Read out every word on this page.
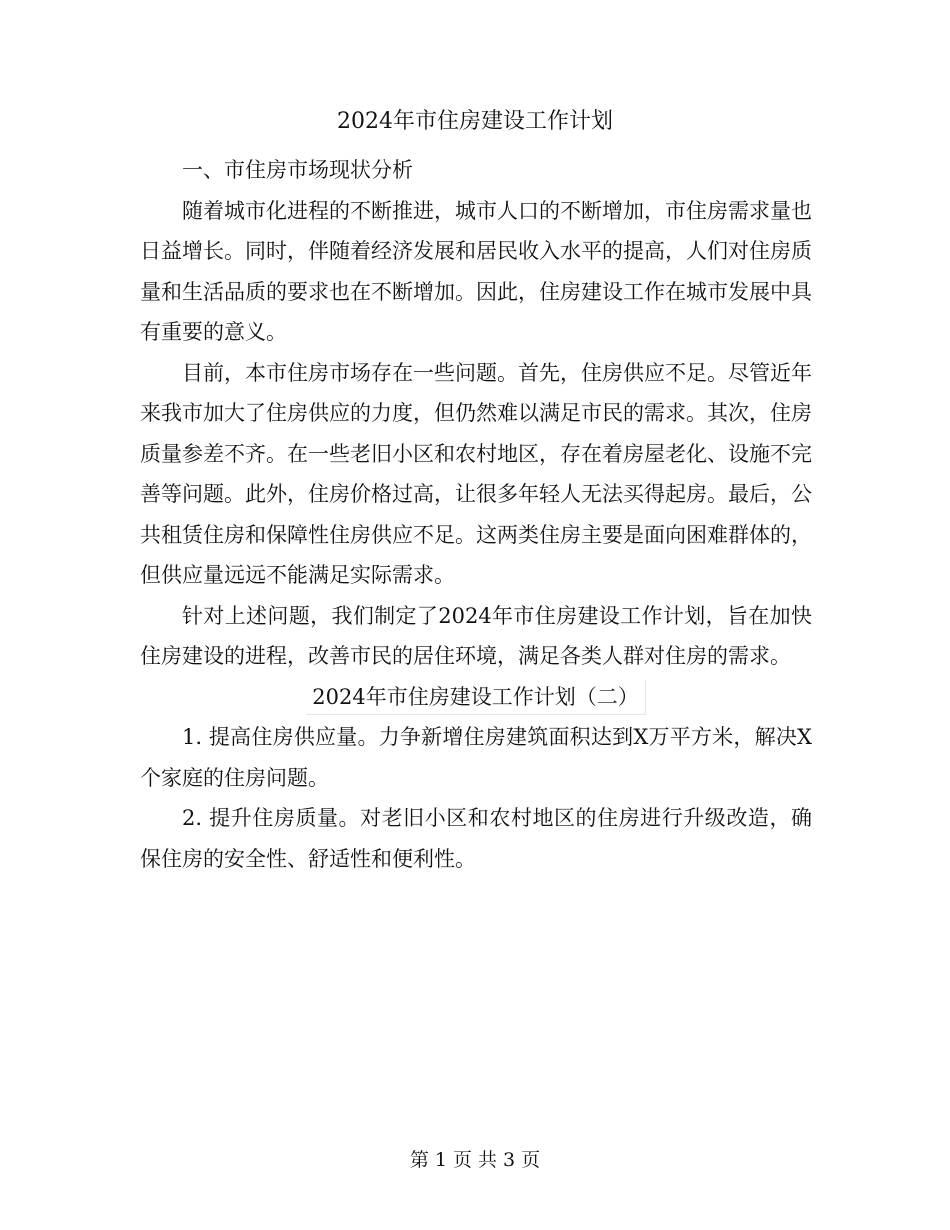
2024年市住房建设工作计划

一、市住房市场现状分析

随着城市化进程的不断推进，城市人口的不断增加，市住房需求量也日益增长。同时，伴随着经济发展和居民收入水平的提高，人们对住房质量和生活品质的要求也在不断增加。因此，住房建设工作在城市发展中具有重要的意义。

目前，本市住房市场存在一些问题。首先，住房供应不足。尽管近年来我市加大了住房供应的力度，但仍然难以满足市民的需求。其次，住房质量参差不齐。在一些老旧小区和农村地区，存在着房屋老化、设施不完善等问题。此外，住房价格过高，让很多年轻人无法买得起房。最后，公共租赁住房和保障性住房供应不足。这两类住房主要是面向困难群体的，但供应量远远不能满足实际需求。

针对上述问题，我们制定了2024年市住房建设工作计划，旨在加快住房建设的进程，改善市民的居住环境，满足各类人群对住房的需求。

2024年市住房建设工作计划（二）

1. 提高住房供应量。力争新增住房建筑面积达到X万平方米，解决X个家庭的住房问题。

2. 提升住房质量。对老旧小区和农村地区的住房进行升级改造，确保住房的安全性、舒适性和便利性。

第 1 页 共 3 页
